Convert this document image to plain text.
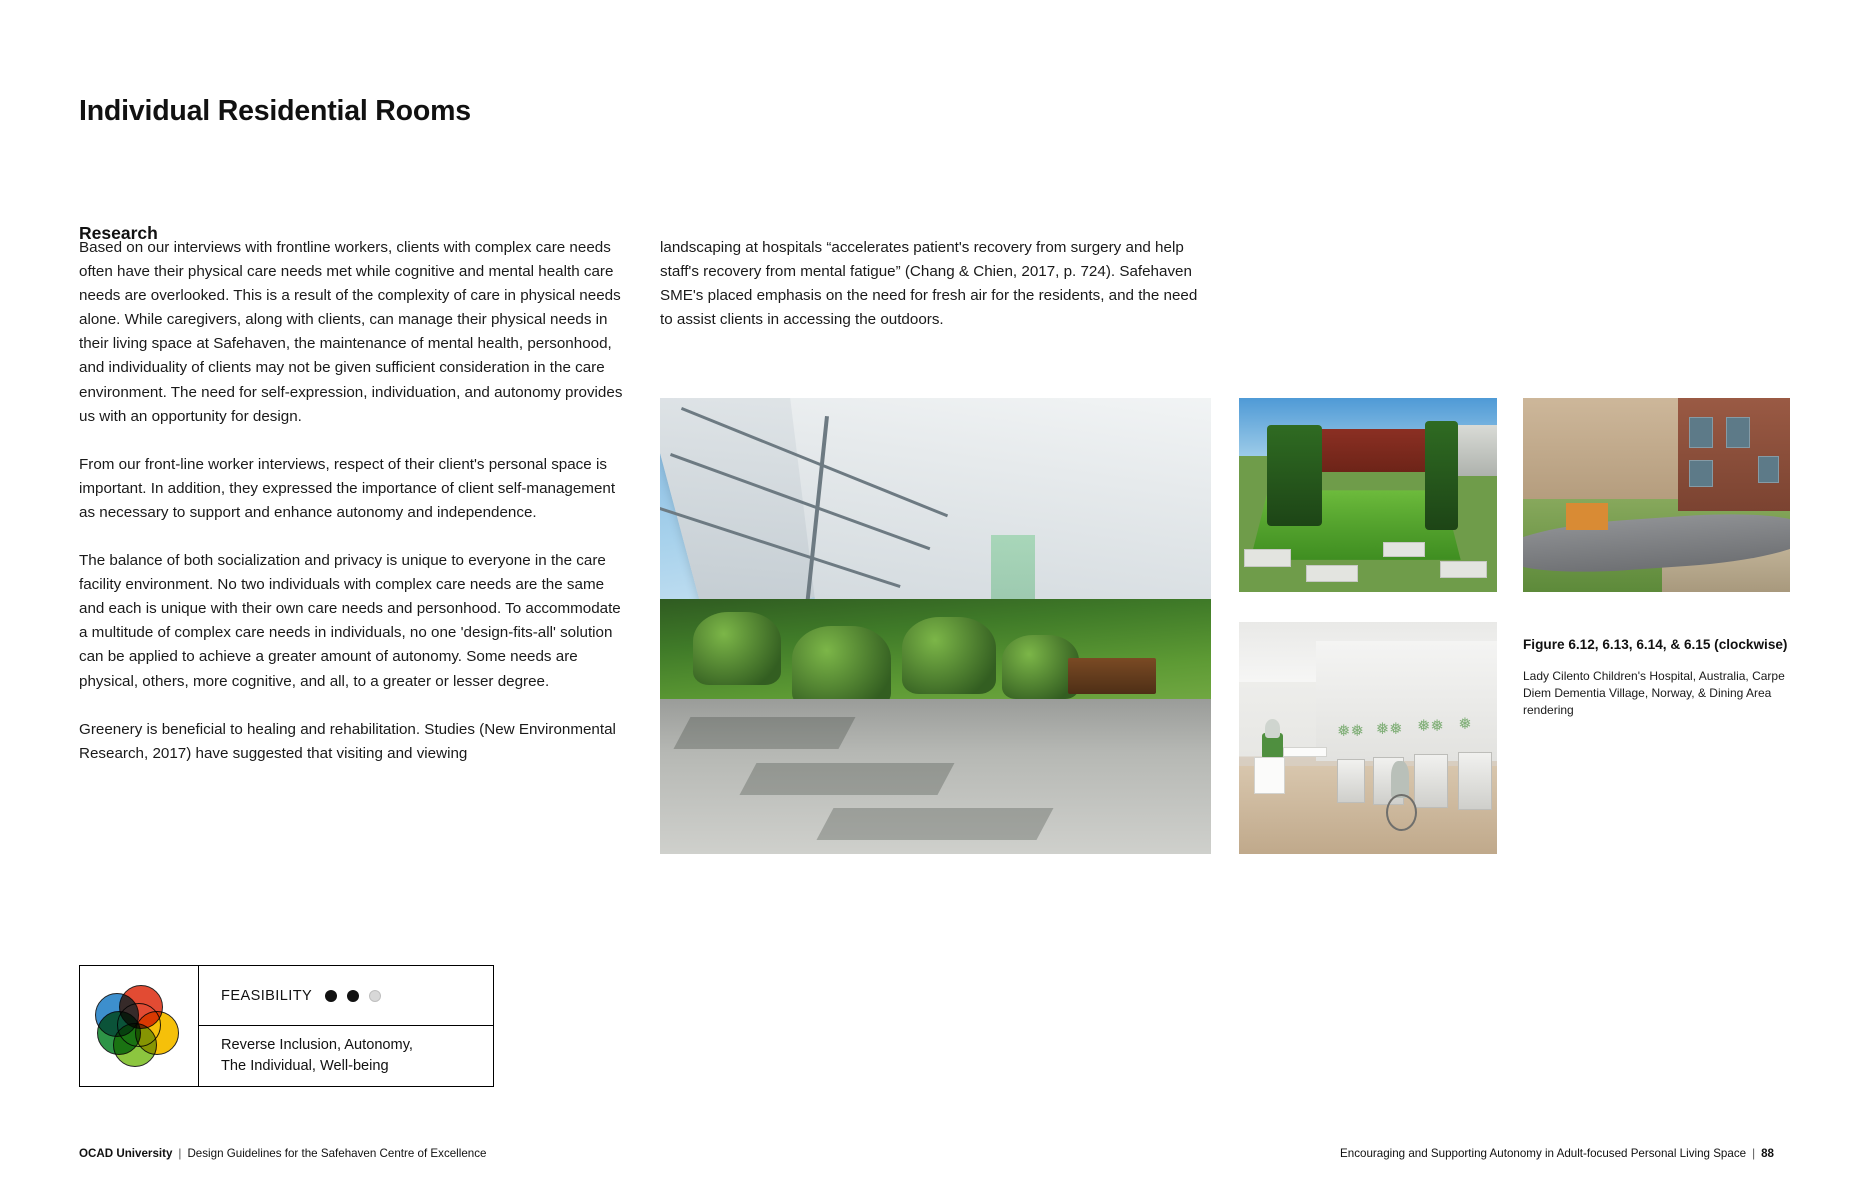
Individual Residential Rooms
Research

Based on our interviews with frontline workers, clients with complex care needs often have their physical care needs met while cognitive and mental health care needs are overlooked. This is a result of the complexity of care in physical needs alone. While caregivers, along with clients, can manage their physical needs in their living space at Safehaven, the maintenance of mental health, personhood, and individuality of clients may not be given sufficient consideration in the care environment. The need for self-expression, individuation, and autonomy provides us with an opportunity for design.

From our front-line worker interviews, respect of their client's personal space is important. In addition, they expressed the importance of client self-management as necessary to support and enhance autonomy and independence.

The balance of both socialization and privacy is unique to everyone in the care facility environment. No two individuals with complex care needs are the same and each is unique with their own care needs and personhood. To accommodate a multitude of complex care needs in individuals, no one 'design-fits-all' solution can be applied to achieve a greater amount of autonomy. Some needs are physical, others, more cognitive, and all, to a greater or lesser degree.

Greenery is beneficial to healing and rehabilitation. Studies (New Environmental Research, 2017) have suggested that visiting and viewing

landscaping at hospitals “accelerates patient's recovery from surgery and help staff's recovery from mental fatigue” (Chang & Chien, 2017, p. 724). Safehaven SME's placed emphasis on the need for fresh air for the residents, and the need to assist clients in accessing the outdoors.

❅❅ ❅❅ ❅❅ ❅
Figure 6.12, 6.13, 6.14, & 6.15 (clockwise)
Lady Cilento Children's Hospital, Australia, Carpe Diem Dementia Village, Norway, & Dining Area rendering
FEASIBILITY
Reverse Inclusion, Autonomy,
The Individual, Well-being
OCAD University | Design Guidelines for the Safehaven Centre of Excellence	Encouraging and Supporting Autonomy in Adult-focused Personal Living Space | 88
